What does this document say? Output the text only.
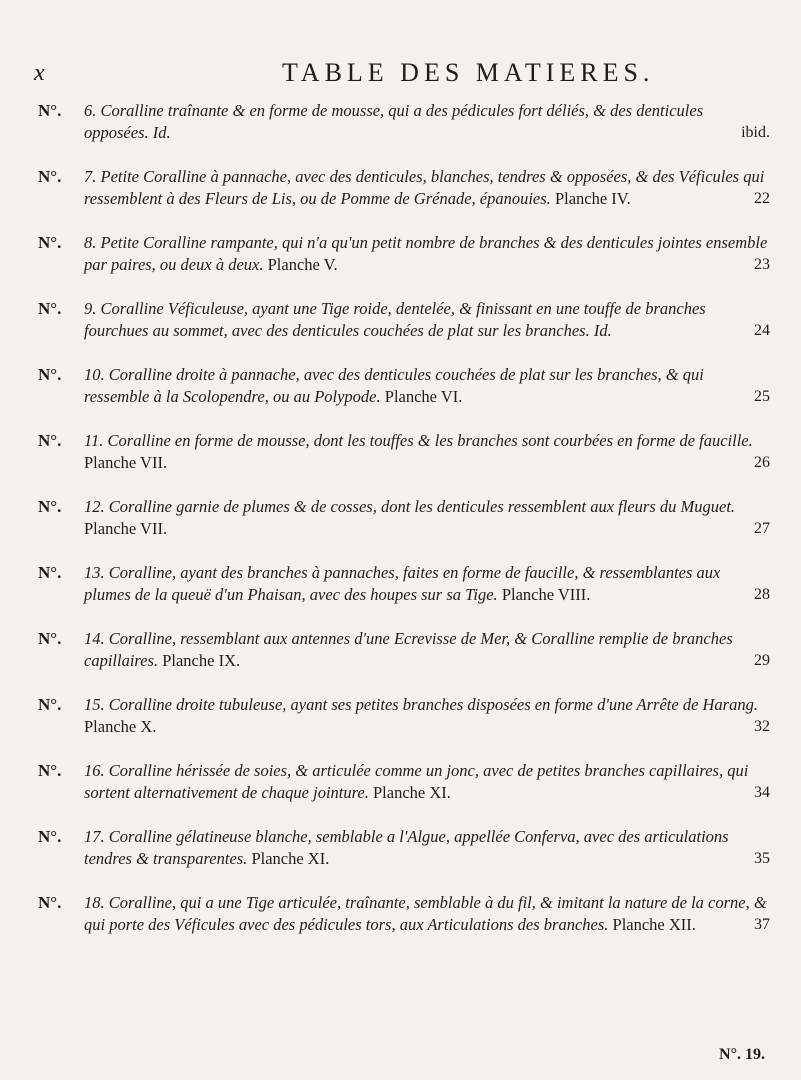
x	TABLE DES MATIERES.
N°.	6. Coralline traînante & en forme de mousse, qui a des pédicules fort déliés, & des denticules opposées. Id.	ibid.
N°.	7. Petite Coralline à pannache, avec des denticules, blanches, tendres & opposées, & des Véficules qui ressemblent à des Fleurs de Lis, ou de Pomme de Grénade, épanouies. Planche IV.	22
N°.	8. Petite Coralline rampante, qui n'a qu'un petit nombre de branches & des denticules jointes ensemble par paires, ou deux à deux. Planche V.	23
N°.	9. Coralline Véficuleuse, ayant une Tige roide, dentelée, & finissant en une touffe de branches fourchues au sommet, avec des denticules couchées de plat sur les branches. Id.	24
N°.	10. Coralline droite à pannache, avec des denticules couchées de plat sur les branches, & qui ressemble à la Scolopendre, ou au Polypode. Planche VI.	25
N°.	11. Coralline en forme de mousse, dont les touffes & les branches sont courbées en forme de faucille. Planche VII.	26
N°.	12. Coralline garnie de plumes & de cosses, dont les denticules ressemblent aux fleurs du Muguet. Planche VII.	27
N°.	13. Coralline, ayant des branches à pannaches, faites en forme de faucille, & ressemblantes aux plumes de la queuë d'un Phaisan, avec des houpes sur sa Tige. Planche VIII.	28
N°.	14. Coralline, ressemblant aux antennes d'une Ecrevisse de Mer, & Coralline remplie de branches capillaires. Planche IX.	29
N°.	15. Coralline droite tubuleuse, ayant ses petites branches disposées en forme d'une Arrête de Harang. Planche X.	32
N°.	16. Coralline hérissée de soies, & articulée comme un jonc, avec de petites branches capillaires, qui sortent alternativement de chaque jointure. Planche XI.	34
N°.	17. Coralline gélatineuse blanche, semblable a l'Algue, appellée Conferva, avec des articulations tendres & transparentes. Planche XI.	35
N°.	18. Coralline, qui a une Tige articulée, traînante, semblable à du fil, & imitant la nature de la corne, & qui porte des Véficules avec des pédicules tors, aux Articulations des branches. Planche XII.	37
N°. 19.
